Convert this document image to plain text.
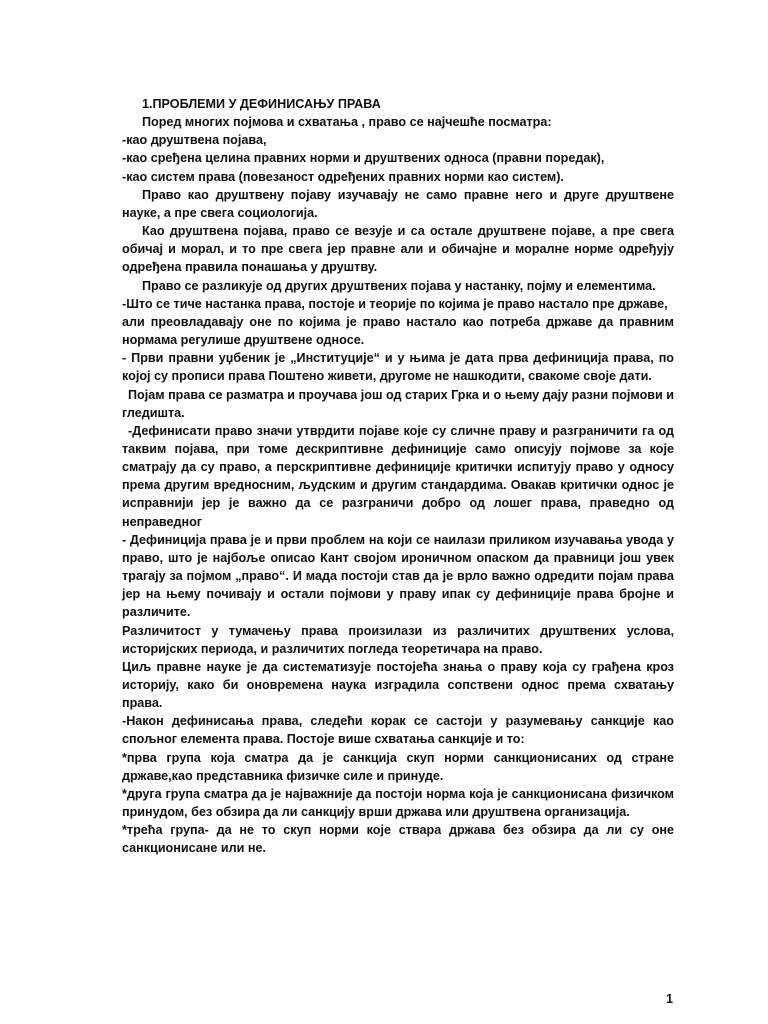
1.ПРОБЛЕМИ У ДЕФИНИСАЊУ ПРАВА

Поред многих појмова и схватања , право се најчешће посматра:

-као друштвена појава,

-као сређена целина правних норми и друштвених односа (правни поредак),

-као систем права (повезаност одређених правних норми као систем).

Право као друштвену појаву изучавају не само правне него и друге друштвене науке, а пре свега социологија.

Као друштвена појава, право се везује и са остале друштвене појаве, а пре свега обичај и морал, и то пре свега јер правне али и обичајне и моралне норме одређују одређена правила понашања у друштву.

Право се разликује од других друштвених појава у настанку, појму и елементима.

-Што се тиче настанка права, постоје и теорије по којима је право настало пре државе,

али преовладавају оне по којима је право настало као потреба државе да правним нормама регулише друштвене односе.

- Први правни уџбеник је „Институције“ и у њима је дата прва дефиниција права, по којој су прописи права Поштено живети, другоме не нашкодити, свакоме своје дати.

Појам права се разматра и проучава још од старих Грка и о њему дају разни појмови и гледишта.

-Дефинисати право значи утврдити појаве које су сличне праву и разграничити га од таквим појава, при томе дескриптивне дефиниције само описују појмове за које сматрају да су право, а перскриптивне дефиниције критички испитују право у односу према другим вредносним, људским и другим стандардима. Овакав критички однос је исправнији јер је важно да се разграничи добро од лошег права, праведно од неправедног

- Дефиниција права је и први проблем на који се наилази приликом изучавања увода у право, што је најбоље описао Кант својом ироничном опаском да правници још увек трагају за појмом „право“. И мада постоји став да је врло важно одредити појам права јер на њему почивају и остали појмови у праву ипак су дефиниције права бројне и различите.

Различитост у тумачењу права произилази из различитих друштвених услова, историјских периода, и различитих погледа теоретичара на право.

Циљ правне науке је да систематизује постојећа знања о праву која су грађена кроз историју, како би оновремена наука изградила сопствени однос према схватању права.

-Након дефинисања права, следећи корак се састоји у разумевању санкције као спољног елемента права. Постоје више схватања санкције и то:

*прва група која сматра да је санкција скуп норми санкционисаних од стране државе,као представника физичке силе и принуде.

*друга група сматра да је најважније да постоји норма која је санкционисана физичком принудом, без обзира да ли санкцију врши држава или друштвена организација.

*трећа група- да не то скуп норми које ствара држава без обзира да ли су оне санкционисане или не.

1
